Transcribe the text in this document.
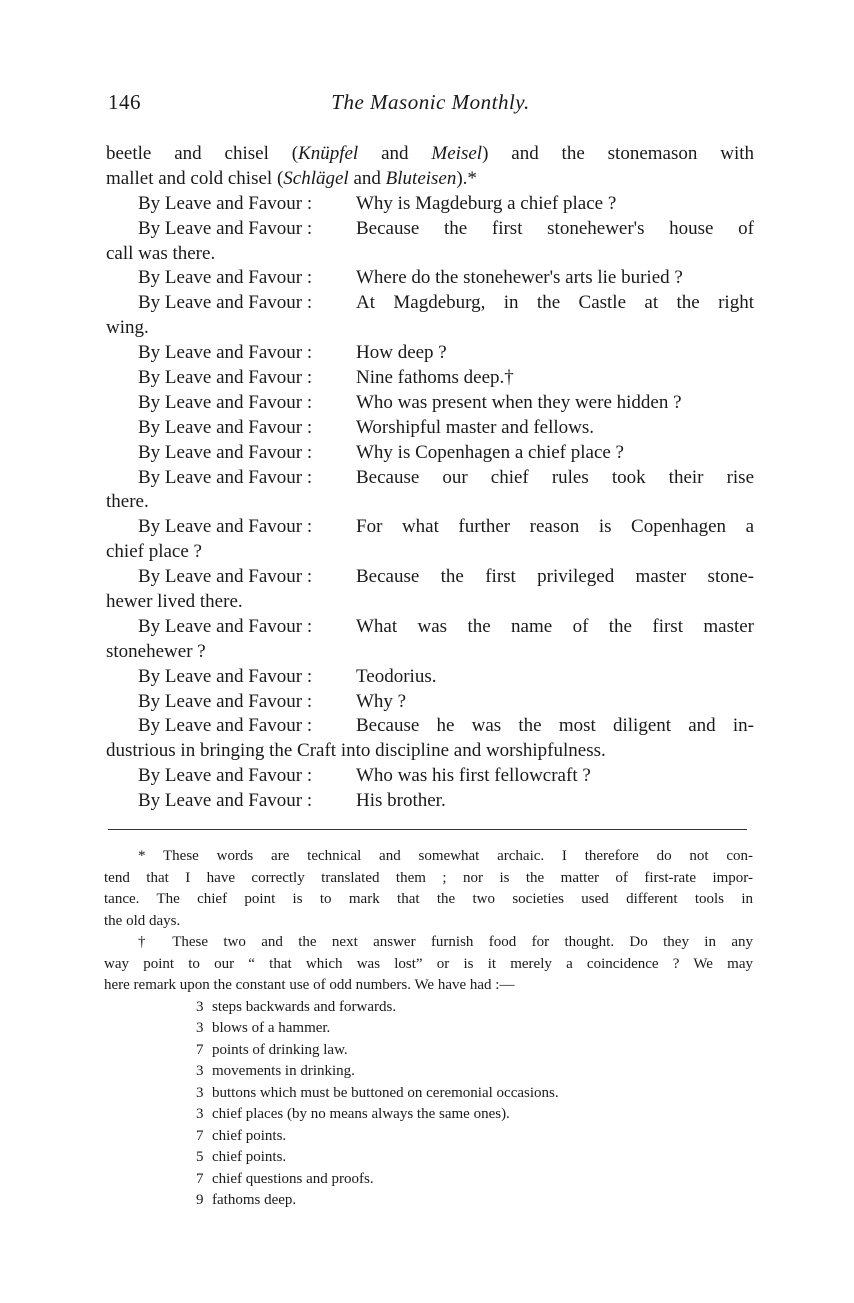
146	The Masonic Monthly.
beetle and chisel (Knüpfel and Meisel) and the stonemason with
mallet and cold chisel (Schlägel and Bluteisen).*
By Leave and Favour :	Why is Magdeburg a chief place ?
By Leave and Favour :	Because the first stonehewer's house of
call was there.
By Leave and Favour :	Where do the stonehewer's arts lie buried ?
By Leave and Favour :	At Magdeburg, in the Castle at the right
wing.
By Leave and Favour :	How deep ?
By Leave and Favour :	Nine fathoms deep.†
By Leave and Favour :	Who was present when they were hidden ?
By Leave and Favour :	Worshipful master and fellows.
By Leave and Favour :	Why is Copenhagen a chief place ?
By Leave and Favour :	Because our chief rules took their rise
there.
By Leave and Favour :	For what further reason is Copenhagen a
chief place ?
By Leave and Favour :	Because the first privileged master stone-
hewer lived there.
By Leave and Favour :	What was the name of the first master
stonehewer ?
By Leave and Favour :	Teodorius.
By Leave and Favour :	Why ?
By Leave and Favour :	Because he was the most diligent and in-
dustrious in bringing the Craft into discipline and worshipfulness.
By Leave and Favour :	Who was his first fellowcraft ?
By Leave and Favour :	His brother.
* These words are technical and somewhat archaic. I therefore do not con-
tend that I have correctly translated them ; nor is the matter of first-rate impor-
tance. The chief point is to mark that the two societies used different tools in
the old days.
† These two and the next answer furnish food for thought. Do they in any
way point to our “ that which was lost” or is it merely a coincidence ? We may
here remark upon the constant use of odd numbers. We have had :—
3 steps backwards and forwards.
3 blows of a hammer.
7 points of drinking law.
3 movements in drinking.
3 buttons which must be buttoned on ceremonial occasions.
3 chief places (by no means always the same ones).
7 chief points.
5 chief points.
7 chief questions and proofs.
9 fathoms deep.
